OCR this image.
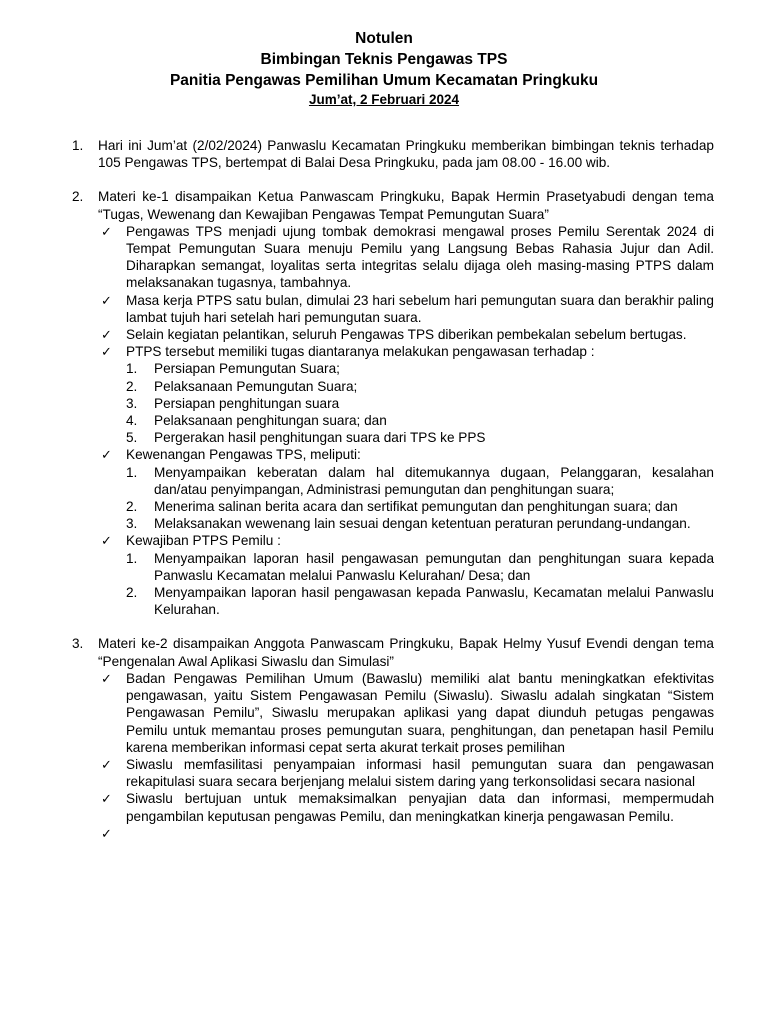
Notulen
Bimbingan Teknis Pengawas TPS
Panitia Pengawas Pemilihan Umum Kecamatan Pringkuku
Jum’at, 2 Februari 2024
1. Hari ini Jum’at (2/02/2024) Panwaslu Kecamatan Pringkuku memberikan bimbingan teknis terhadap 105 Pengawas TPS, bertempat di Balai Desa Pringkuku, pada jam 08.00 - 16.00 wib.
2. Materi ke-1 disampaikan Ketua Panwascam Pringkuku, Bapak Hermin Prasetyabudi dengan tema “Tugas, Wewenang dan Kewajiban Pengawas Tempat Pemungutan Suara”
✓ Pengawas TPS menjadi ujung tombak demokrasi mengawal proses Pemilu Serentak 2024 di Tempat Pemungutan Suara menuju Pemilu yang Langsung Bebas Rahasia Jujur dan Adil. Diharapkan semangat, loyalitas serta integritas selalu dijaga oleh masing-masing PTPS dalam melaksanakan tugasnya, tambahnya.
✓ Masa kerja PTPS satu bulan, dimulai 23 hari sebelum hari pemungutan suara dan berakhir paling lambat tujuh hari setelah hari pemungutan suara.
✓ Selain kegiatan pelantikan, seluruh Pengawas TPS diberikan pembekalan sebelum bertugas.
✓ PTPS tersebut memiliki tugas diantaranya melakukan pengawasan terhadap :
1. Persiapan Pemungutan Suara;
2. Pelaksanaan Pemungutan Suara;
3. Persiapan penghitungan suara
4. Pelaksanaan penghitungan suara; dan
5. Pergerakan hasil penghitungan suara dari TPS ke PPS
✓ Kewenangan Pengawas TPS, meliputi:
1. Menyampaikan keberatan dalam hal ditemukannya dugaan, Pelanggaran, kesalahan dan/atau penyimpangan, Administrasi pemungutan dan penghitungan suara;
2. Menerima salinan berita acara dan sertifikat pemungutan dan penghitungan suara; dan
3. Melaksanakan wewenang lain sesuai dengan ketentuan peraturan perundang-undangan.
✓ Kewajiban PTPS Pemilu :
1. Menyampaikan laporan hasil pengawasan pemungutan dan penghitungan suara kepada Panwaslu Kecamatan melalui Panwaslu Kelurahan/ Desa; dan
2. Menyampaikan laporan hasil pengawasan kepada Panwaslu, Kecamatan melalui Panwaslu Kelurahan.
3. Materi ke-2 disampaikan Anggota Panwascam Pringkuku, Bapak Helmy Yusuf Evendi dengan tema “Pengenalan Awal Aplikasi Siwaslu dan Simulasi”
✓ Badan Pengawas Pemilihan Umum (Bawaslu) memiliki alat bantu meningkatkan efektivitas pengawasan, yaitu Sistem Pengawasan Pemilu (Siwaslu). Siwaslu adalah singkatan “Sistem Pengawasan Pemilu”, Siwaslu merupakan aplikasi yang dapat diunduh petugas pengawas Pemilu untuk memantau proses pemungutan suara, penghitungan, dan penetapan hasil Pemilu karena memberikan informasi cepat serta akurat terkait proses pemilihan
✓ Siwaslu memfasilitasi penyampaian informasi hasil pemungutan suara dan pengawasan rekapitulasi suara secara berjenjang melalui sistem daring yang terkonsolidasi secara nasional
✓ Siwaslu bertujuan untuk memaksimalkan penyajian data dan informasi, mempermudah pengambilan keputusan pengawas Pemilu, dan meningkatkan kinerja pengawasan Pemilu.
✓
